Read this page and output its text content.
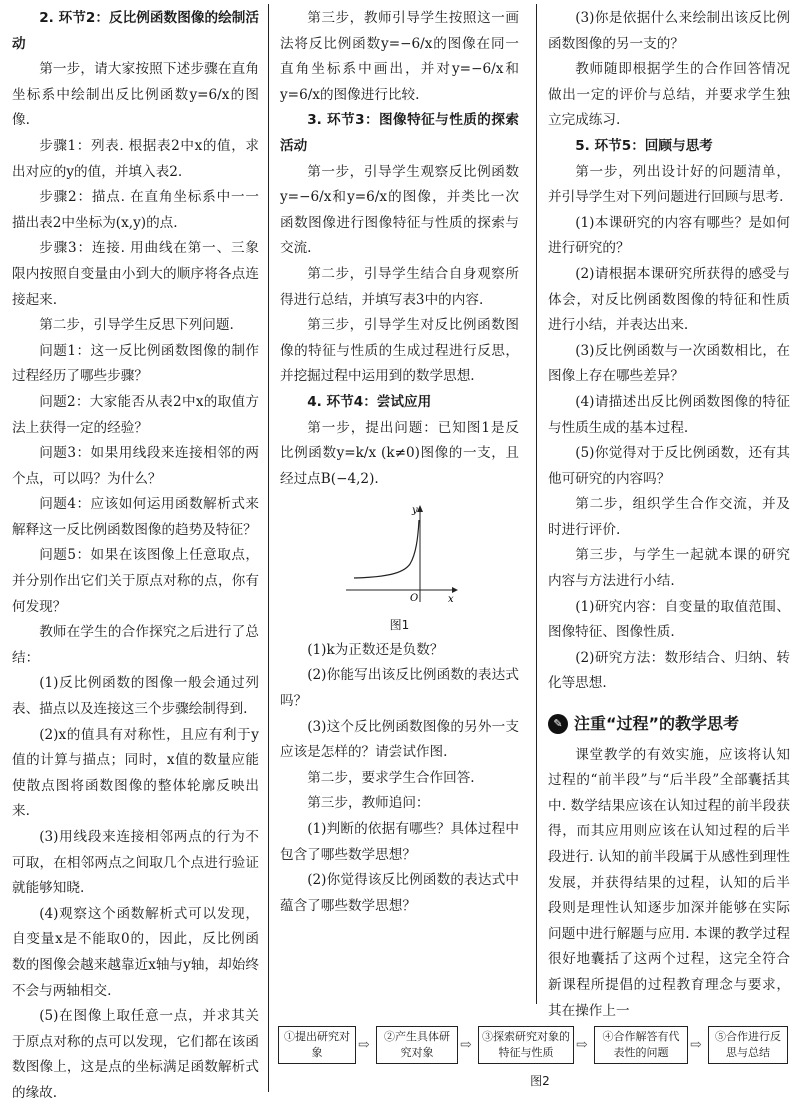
2. 环节2：反比例函数图像的绘制活动

第一步，请大家按照下述步骤在直角坐标系中绘制出反比例函数y=6/x的图像.

步骤1：列表. 根据表2中x的值，求出对应的y的值，并填入表2.

步骤2：描点. 在直角坐标系中一一描出表2中坐标为(x,y)的点.

步骤3：连接. 用曲线在第一、三象限内按照自变量由小到大的顺序将各点连接起来.

第二步，引导学生反思下列问题.

问题1：这一反比例函数图像的制作过程经历了哪些步骤？

问题2：大家能否从表2中x的取值方法上获得一定的经验？

问题3：如果用线段来连接相邻的两个点，可以吗？为什么？

问题4：应该如何运用函数解析式来解释这一反比例函数图像的趋势及特征？

问题5：如果在该图像上任意取点，并分别作出它们关于原点对称的点，你有何发现？

教师在学生的合作探究之后进行了总结：

(1)反比例函数的图像一般会通过列表、描点以及连接这三个步骤绘制得到.

(2)x的值具有对称性，且应有利于y值的计算与描点；同时，x值的数量应能使散点图将函数图像的整体轮廓反映出来.

(3)用线段来连接相邻两点的行为不可取，在相邻两点之间取几个点进行验证就能够知晓.

(4)观察这个函数解析式可以发现，自变量x是不能取0的，因此，反比例函数的图像会越来越靠近x轴与y轴，却始终不会与两轴相交.

(5)在图像上取任意一点，并求其关于原点对称的点可以发现，它们都在该函数图像上，这是点的坐标满足函数解析式的缘故.

第三步，教师引导学生按照这一画法将反比例函数y=−6/x的图像在同一直角坐标系中画出，并对y=−6/x和y=6/x的图像进行比较.

3. 环节3：图像特征与性质的探索活动

第一步，引导学生观察反比例函数y=−6/x和y=6/x的图像，并类比一次函数图像进行图像特征与性质的探索与交流.

第二步，引导学生结合自身观察所得进行总结，并填写表3中的内容.

第三步，引导学生对反比例函数图像的特征与性质的生成过程进行反思，并挖掘过程中运用到的数学思想.

4. 环节4：尝试应用

第一步，提出问题：已知图1是反比例函数y=k/x (k≠0)图像的一支，且经过点B(−4,2).

y
x
O
图1

(1)k为正数还是负数？

(2)你能写出该反比例函数的表达式吗？

(3)这个反比例函数图像的另外一支应该是怎样的？请尝试作图.

第二步，要求学生合作回答.

第三步，教师追问：

(1)判断的依据有哪些？具体过程中包含了哪些数学思想？

(2)你觉得该反比例函数的表达式中蕴含了哪些数学思想？

(3)你是依据什么来绘制出该反比例函数图像的另一支的？

教师随即根据学生的合作回答情况做出一定的评价与总结，并要求学生独立完成练习.

5. 环节5：回顾与思考

第一步，列出设计好的问题清单，并引导学生对下列问题进行回顾与思考.

(1)本课研究的内容有哪些？是如何进行研究的？

(2)请根据本课研究所获得的感受与体会，对反比例函数图像的特征和性质进行小结，并表达出来.

(3)反比例函数与一次函数相比，在图像上存在哪些差异？

(4)请描述出反比例函数图像的特征与性质生成的基本过程.

(5)你觉得对于反比例函数，还有其他可研究的内容吗？

第二步，组织学生合作交流，并及时进行评价.

第三步，与学生一起就本课的研究内容与方法进行小结.

(1)研究内容：自变量的取值范围、图像特征、图像性质.

(2)研究方法：数形结合、归纳、转化等思想.

✎ 注重“过程”的教学思考

课堂教学的有效实施，应该将认知过程的“前半段”与“后半段”全部囊括其中. 数学结果应该在认知过程的前半段获得，而其应用则应该在认知过程的后半段进行. 认知的前半段属于从感性到理性发展，并获得结果的过程，认知的后半段则是理性认知逐步加深并能够在实际问题中进行解题与应用. 本课的教学过程很好地囊括了这两个过程，这完全符合新课程所提倡的过程教育理念与要求，其在操作上一

①提出研究对象	⇨
②产生具体研究对象	⇨
③探索研究对象的特征与性质	⇨
④合作解答有代表性的问题	⇨
⑤合作进行反思与总结
图2
